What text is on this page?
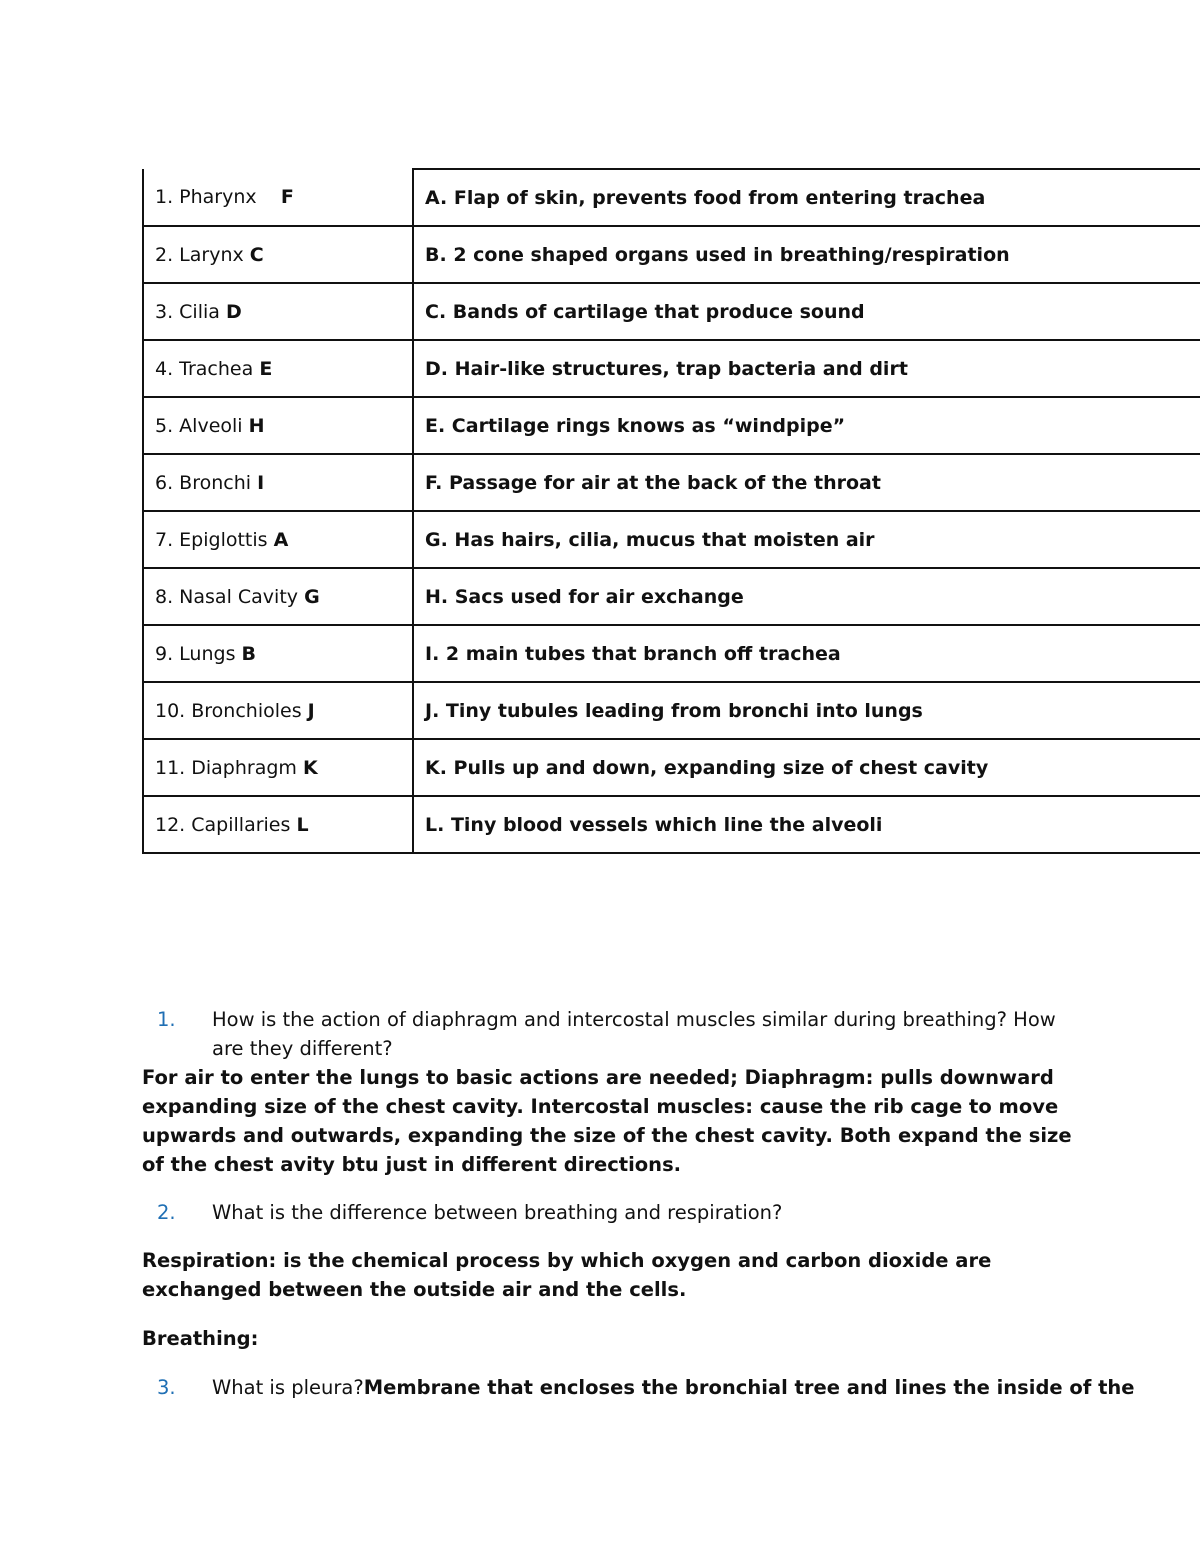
1. Pharynx F	A. Flap of skin, prevents food from entering trachea
2. Larynx C	B. 2 cone shaped organs used in breathing/respiration
3. Cilia D	C. Bands of cartilage that produce sound
4. Trachea E	D. Hair-like structures, trap bacteria and dirt
5. Alveoli H	E. Cartilage rings knows as “windpipe”
6. Bronchi I	F. Passage for air at the back of the throat
7. Epiglottis A	G. Has hairs, cilia, mucus that moisten air
8. Nasal Cavity G	H. Sacs used for air exchange
9. Lungs B	I. 2 main tubes that branch off trachea
10. Bronchioles J	J. Tiny tubules leading from bronchi into lungs
11. Diaphragm K	K. Pulls up and down, expanding size of chest cavity
12. Capillaries L	L. Tiny blood vessels which line the alveoli
1. How is the action of diaphragm and intercostal muscles similar during breathing? How are they different?
For air to enter the lungs to basic actions are needed; Diaphragm: pulls downward expanding size of the chest cavity. Intercostal muscles: cause the rib cage to move upwards and outwards, expanding the size of the chest cavity. Both expand the size of the chest avity btu just in different directions.
2. What is the difference between breathing and respiration?
Respiration: is the chemical process by which oxygen and carbon dioxide are exchanged between the outside air and the cells.
Breathing:
3. What is pleura?Membrane that encloses the bronchial tree and lines the inside of the
